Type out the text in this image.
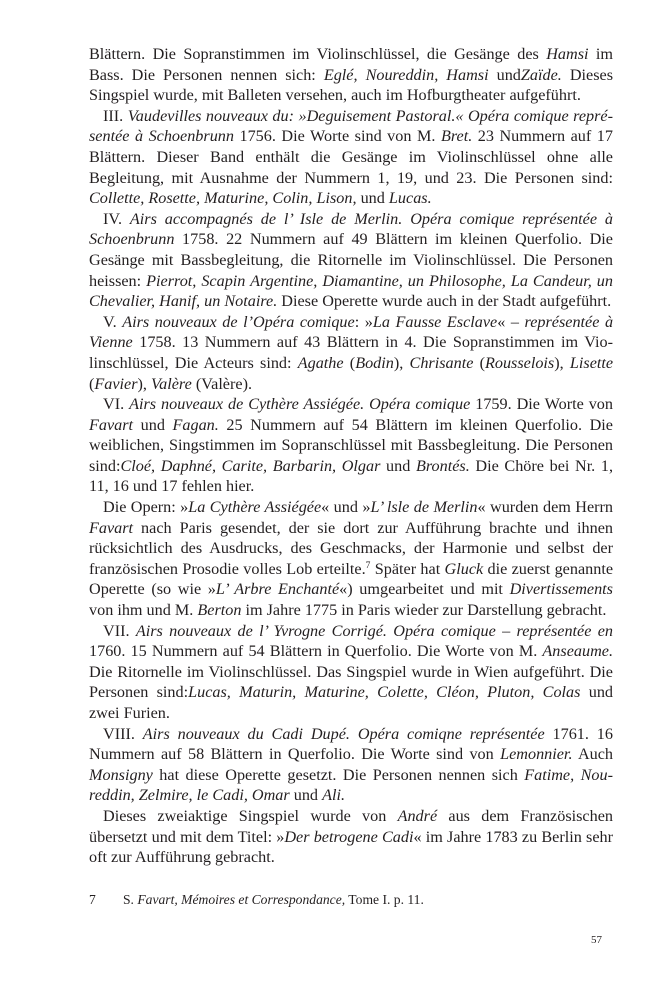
Blättern. Die Sopranstimmen im Violinschlüssel, die Gesänge des Hamsi im Bass. Die Personen nennen sich: Eglé, Noureddin, Hamsi undZaïde. Dieses Singspiel wurde, mit Balleten versehen, auch im Hofburgtheater aufgeführt.

III. Vaudevilles nouveaux du: »Deguisement Pastoral.« Opéra comique représentée à Schoenbrunn 1756. Die Worte sind von M. Bret. 23 Nummern auf 17 Blättern. Dieser Band enthält die Gesänge im Violinschlüssel ohne alle Begleitung, mit Ausnahme der Nummern 1, 19, und 23. Die Personen sind: Collette, Rosette, Maturine, Colin, Lison, und Lucas.

IV. Airs accompagnés de l’ Isle de Merlin. Opéra comique représentée à Schoenbrunn 1758. 22 Nummern auf 49 Blättern im kleinen Querfolio. Die Gesänge mit Bassbegleitung, die Ritornelle im Violinschlüssel. Die Personen heissen: Pierrot, Scapin Argentine, Diamantine, un Philosophe, La Candeur, un Chevalier, Hanif, un Notaire. Diese Operette wurde auch in der Stadt aufgeführt.

V. Airs nouveaux de l’Opéra comique: »La Fausse Esclave« – représentée à Vienne 1758. 13 Nummern auf 43 Blättern in 4. Die Sopranstimmen im Violinschlüssel, Die Acteurs sind: Agathe (Bodin), Chrisante (Rousselois), Lisette (Favier), Valère (Valère).

VI. Airs nouveaux de Cythère Assiégée. Opéra comique 1759. Die Worte von Favart und Fagan. 25 Nummern auf 54 Blättern im kleinen Querfolio. Die weiblichen, Singstimmen im Sopranschlüssel mit Bassbegleitung. Die Personen sind:Cloé, Daphné, Carite, Barbarin, Olgar und Brontés. Die Chöre bei Nr. 1, 11, 16 und 17 fehlen hier.

Die Opern: »La Cythère Assiégée« und »L’ lsle de Merlin« wurden dem Herrn Favart nach Paris gesendet, der sie dort zur Aufführung brachte und ihnen rücksichtlich des Ausdrucks, des Geschmacks, der Harmonie und selbst der französischen Prosodie volles Lob erteilte.$^7$ Später hat Gluck die zuerst genannte Operette (so wie »L’ Arbre Enchanté«) umgearbeitet und mit Divertissements von ihm und M. Berton im Jahre 1775 in Paris wieder zur Darstellung gebracht.

VII. Airs nouveaux de l’ Yvrogne Corrigé. Opéra comique – représentée en 1760. 15 Nummern auf 54 Blättern in Querfolio. Die Worte von M. Anseaume. Die Ritornelle im Violinschlüssel. Das Singspiel wurde in Wien aufgeführt. Die Personen sind:Lucas, Maturin, Maturine, Colette, Cléon, Pluton, Colas und zwei Furien.

VIII. Airs nouveaux du Cadi Dupé. Opéra comiqne représentée 1761. 16 Nummern auf 58 Blättern in Querfolio. Die Worte sind von Lemonnier. Auch Monsigny hat diese Operette gesetzt. Die Personen nennen sich Fatime, Noureddin, Zelmire, le Cadi, Omar und Ali.

Dieses zweiaktige Singspiel wurde von André aus dem Französischen übersetzt und mit dem Titel: »Der betrogene Cadi« im Jahre 1783 zu Berlin sehr oft zur Aufführung gebracht.

7 S. Favart, Mémoires et Correspondance, Tome I. p. 11.
57
